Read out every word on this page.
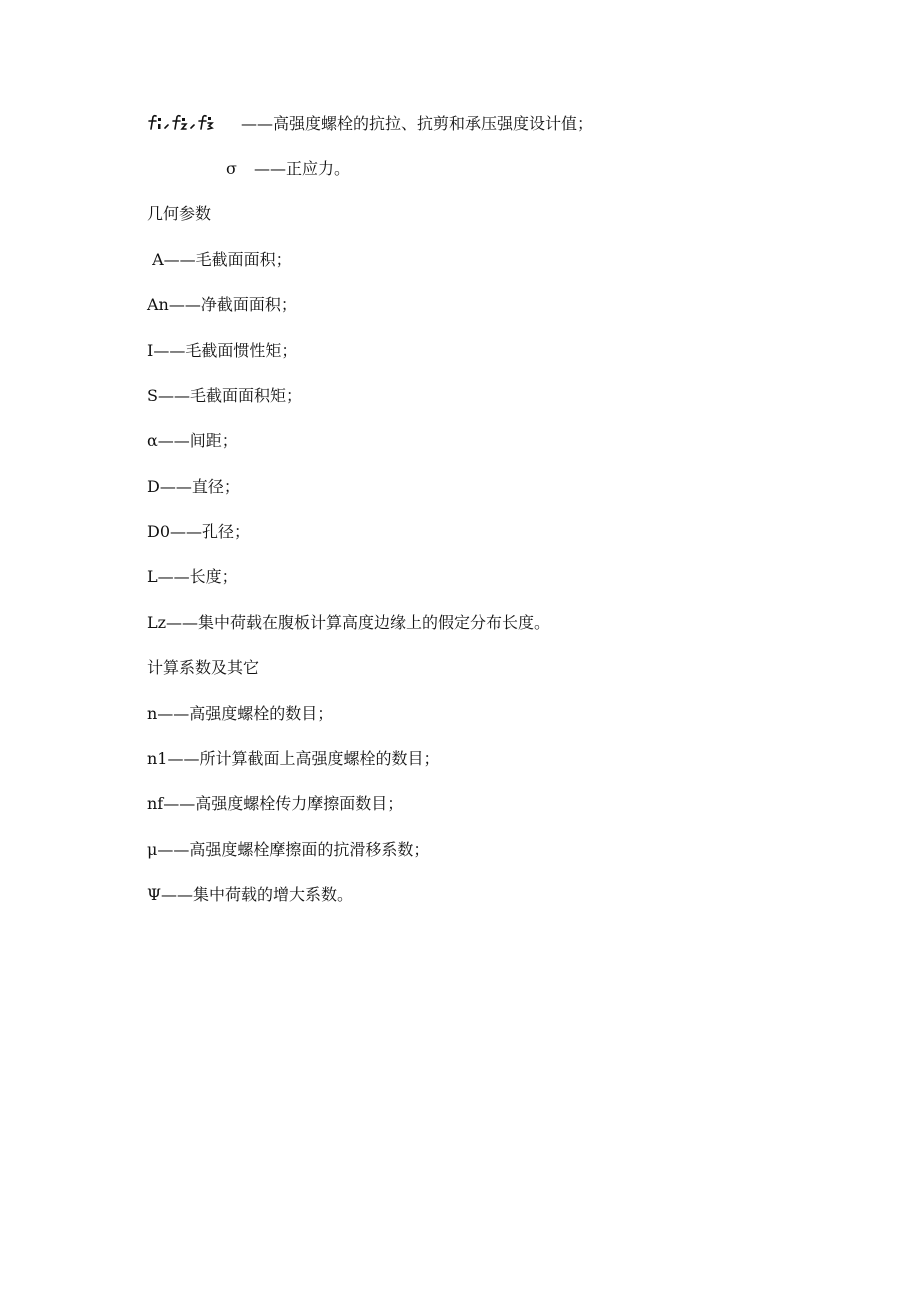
——高强度螺栓的抗拉、抗剪和承压强度设计值；
σ ——正应力。
几何参数
A——毛截面面积；
An——净截面面积；
I——毛截面惯性矩；
S——毛截面面积矩；
α——间距；
D——直径；
D0——孔径；
L——长度；
Lz——集中荷载在腹板计算高度边缘上的假定分布长度。
计算系数及其它
n——高强度螺栓的数目；
n1——所计算截面上高强度螺栓的数目；
nf——高强度螺栓传力摩擦面数目；
μ——高强度螺栓摩擦面的抗滑移系数；
Ψ——集中荷载的增大系数。
